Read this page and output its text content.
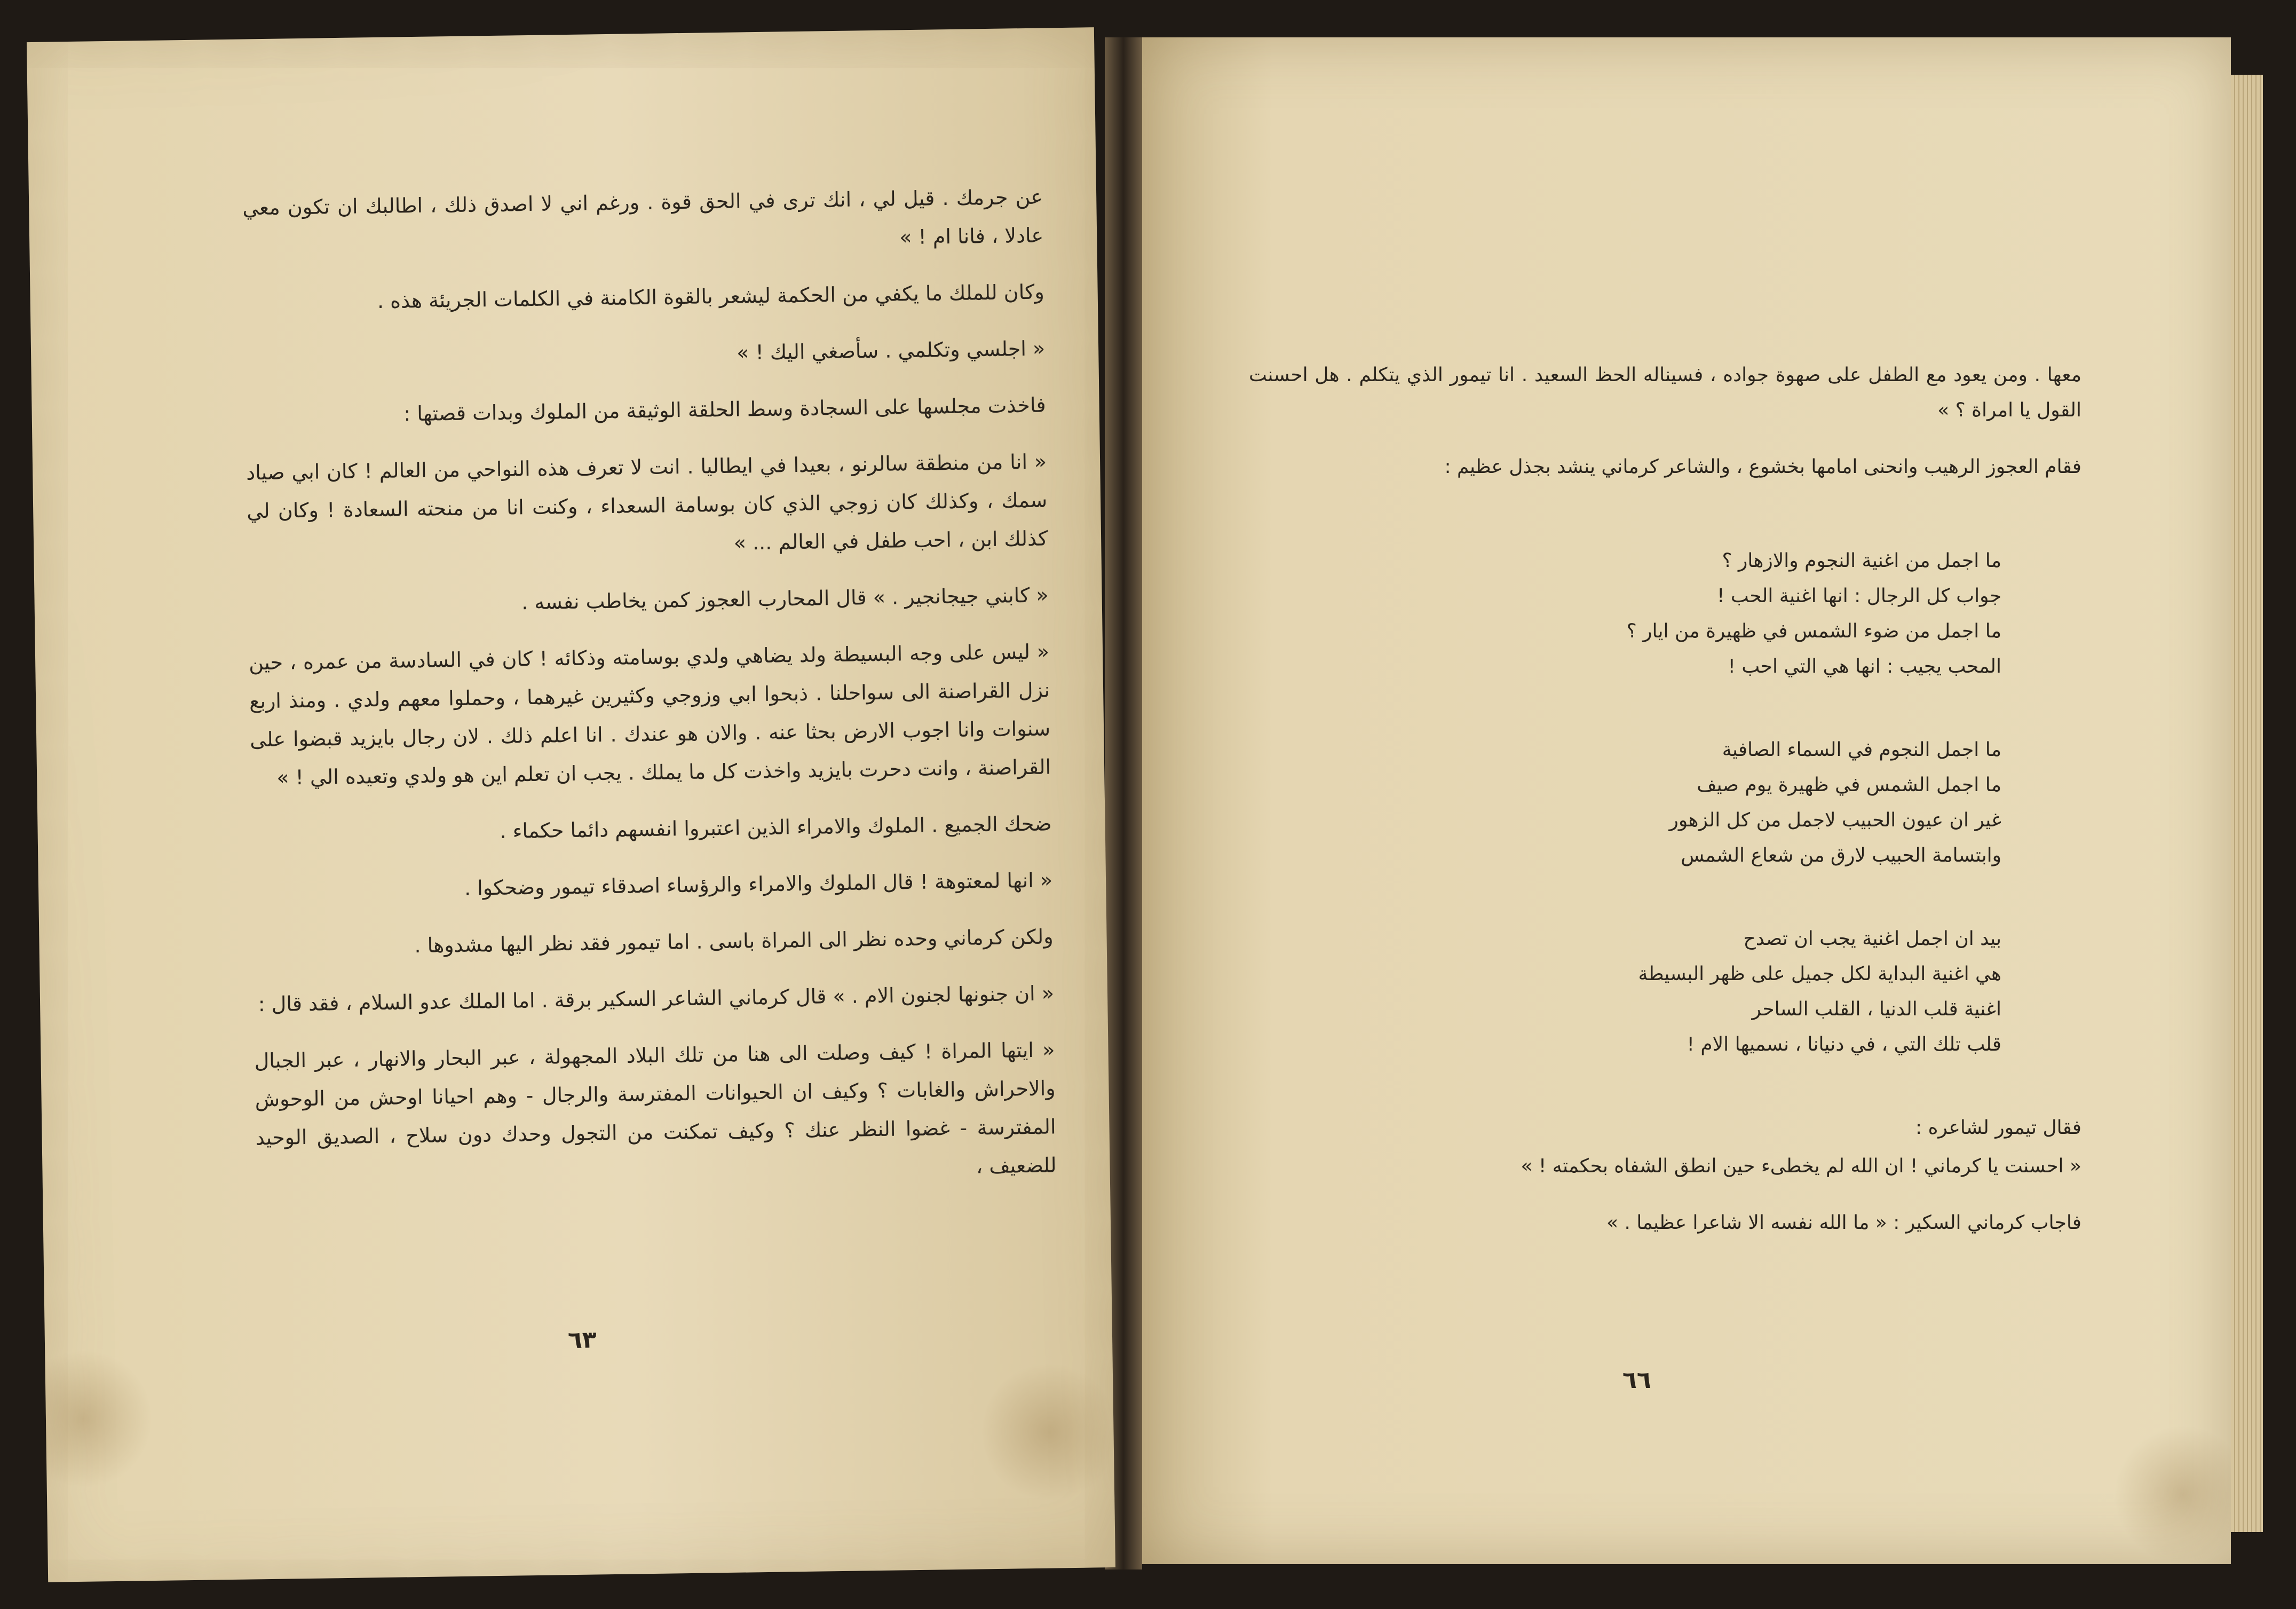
عن جرمك . قيل لي ، انك ترى في الحق قوة . ورغم اني لا اصدق ذلك ، اطالبك ان تكون معي عادلا ، فانا ام ! »

وكان للملك ما يكفي من الحكمة ليشعر بالقوة الكامنة في الكلمات الجريئة هذه .

« اجلسي وتكلمي . سأصغي اليك ! »

فاخذت مجلسها على السجادة وسط الحلقة الوثيقة من الملوك وبدات قصتها :

« انا من منطقة سالرنو ، بعيدا في ايطاليا . انت لا تعرف هذه النواحي من العالم ! كان ابي صياد سمك ، وكذلك كان زوجي الذي كان بوسامة السعداء ، وكنت انا من منحته السعادة ! وكان لي كذلك ابن ، احب طفل في العالم ... »

« كابني جيجانجير . » قال المحارب العجوز كمن يخاطب نفسه .

« ليس على وجه البسيطة ولد يضاهي ولدي بوسامته وذكائه ! كان في السادسة من عمره ، حين نزل القراصنة الى سواحلنا . ذبحوا ابي وزوجي وكثيرين غيرهما ، وحملوا معهم ولدي . ومنذ اربع سنوات وانا اجوب الارض بحثا عنه . والان هو عندك . انا اعلم ذلك . لان رجال بايزيد قبضوا على القراصنة ، وانت دحرت بايزيد واخذت كل ما يملك . يجب ان تعلم اين هو ولدي وتعيده الي ! »

ضحك الجميع . الملوك والامراء الذين اعتبروا انفسهم دائما حكماء .

« انها لمعتوهة ! قال الملوك والامراء والرؤساء اصدقاء تيمور وضحكوا .

ولكن كرماني وحده نظر الى المراة باسى . اما تيمور فقد نظر اليها مشدوها .

« ان جنونها لجنون الام . » قال كرماني الشاعر السكير برقة . اما الملك عدو السلام ، فقد قال :

« ايتها المراة ! كيف وصلت الى هنا من تلك البلاد المجهولة ، عبر البحار والانهار ، عبر الجبال والاحراش والغابات ؟ وكيف ان الحيوانات المفترسة والرجال - وهم احيانا اوحش من الوحوش المفترسة - غضوا النظر عنك ؟ وكيف تمكنت من التجول وحدك دون سلاح ، الصديق الوحيد للضعيف ،

٦٣

معها . ومن يعود مع الطفل على صهوة جواده ، فسيناله الحظ السعيد . انا تيمور الذي يتكلم . هل احسنت القول يا امراة ؟ »

فقام العجوز الرهيب وانحنى امامها بخشوع ، والشاعر كرماني ينشد بجذل عظيم :

ما اجمل من اغنية النجوم والازهار ؟
جواب كل الرجال : انها اغنية الحب !
ما اجمل من ضوء الشمس في ظهيرة من ايار ؟
المحب يجيب : انها هي التي احب !
ما اجمل النجوم في السماء الصافية
ما اجمل الشمس في ظهيرة يوم صيف
غير ان عيون الحبيب لاجمل من كل الزهور
وابتسامة الحبيب لارق من شعاع الشمس
بيد ان اجمل اغنية يجب ان تصدح
هي اغنية البداية لكل جميل على ظهر البسيطة
اغنية قلب الدنيا ، القلب الساحر
قلب تلك التي ، في دنيانا ، نسميها الام !

فقال تيمور لشاعره :

« احسنت يا كرماني ! ان الله لم يخطىء حين انطق الشفاه بحكمته ! »

فاجاب كرماني السكير : « ما الله نفسه الا شاعرا عظيما . »

٦٦
